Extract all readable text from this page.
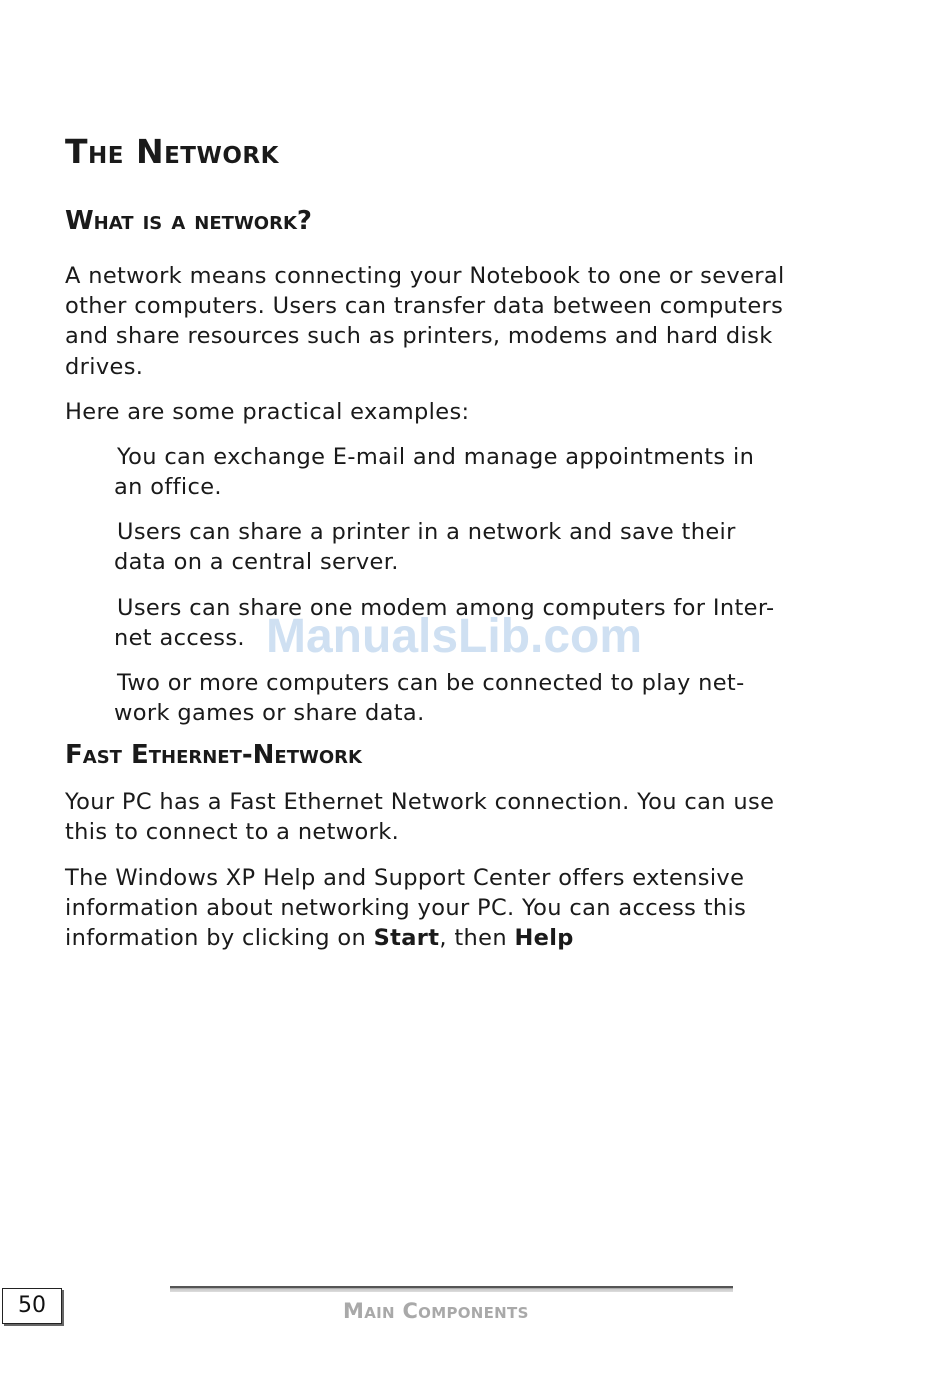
The Network
What is a network?

A network means connecting your Notebook to one or several
other computers. Users can transfer data between computers
and share resources such as printers, modems and hard disk
drives.

Here are some practical examples:

You can exchange E-mail and manage appointments in
an office.

Users can share a printer in a network and save their
data on a central server.

Users can share one modem among computers for Inter-
net access.

Two or more computers can be connected to play net-
work games or share data.

ManualsLib.com
Fast Ethernet-Network

Your PC has a Fast Ethernet Network connection. You can use
this to connect to a network.

The Windows XP Help and Support Center offers extensive
information about networking your PC. You can access this
information by clicking on Start, then Help

50	Main Components
